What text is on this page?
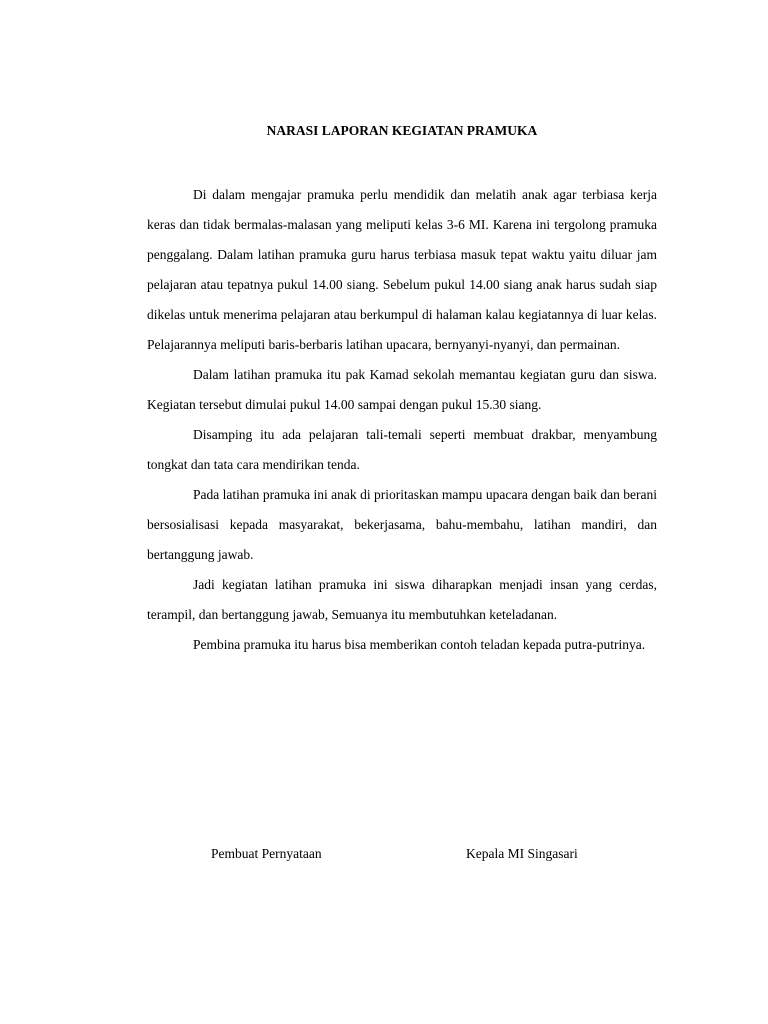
NARASI LAPORAN KEGIATAN PRAMUKA

Di dalam mengajar pramuka perlu mendidik dan melatih anak agar terbiasa kerja keras dan tidak bermalas-malasan yang meliputi kelas 3-6 MI. Karena ini tergolong pramuka penggalang. Dalam latihan pramuka guru harus terbiasa masuk tepat waktu yaitu diluar jam pelajaran atau tepatnya pukul 14.00 siang. Sebelum pukul 14.00 siang anak harus sudah siap dikelas untuk menerima pelajaran atau berkumpul di halaman kalau kegiatannya di luar kelas. Pelajarannya meliputi baris-berbaris latihan upacara, bernyanyi-nyanyi, dan permainan.

Dalam latihan pramuka itu pak Kamad sekolah memantau kegiatan guru dan siswa. Kegiatan tersebut dimulai pukul 14.00 sampai dengan pukul 15.30 siang.

Disamping itu ada pelajaran tali-temali seperti membuat drakbar, menyambung tongkat dan tata cara mendirikan tenda.

Pada latihan pramuka ini anak di prioritaskan mampu upacara dengan baik dan berani bersosialisasi kepada masyarakat, bekerjasama, bahu-membahu, latihan mandiri, dan bertanggung jawab.

Jadi kegiatan latihan pramuka ini siswa diharapkan menjadi insan yang cerdas, terampil, dan bertanggung jawab, Semuanya itu membutuhkan keteladanan.

Pembina pramuka itu harus bisa memberikan contoh teladan kepada putra-putrinya.

Pembuat Pernyataan	Kepala MI Singasari
